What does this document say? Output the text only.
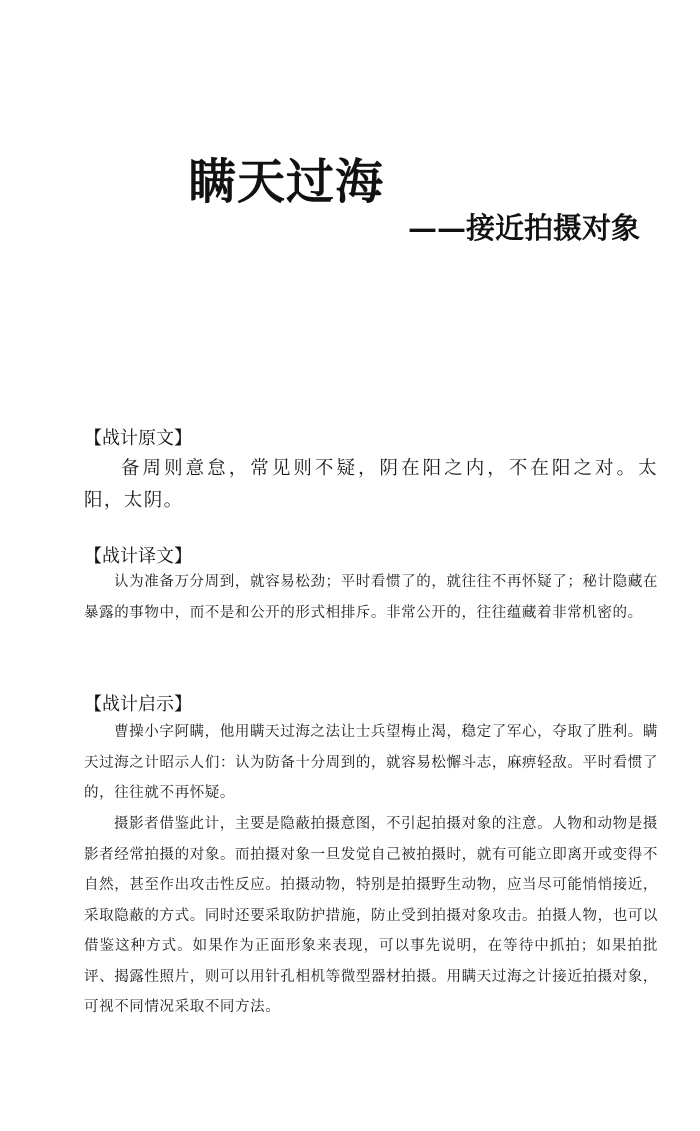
瞒天过海
——接近拍摄对象
【战计原文】
备周则意怠，常见则不疑，阴在阳之内，不在阳之对。太阳，太阴。
【战计译文】
认为准备万分周到，就容易松劲；平时看惯了的，就往往不再怀疑了；秘计隐藏在暴露的事物中，而不是和公开的形式相排斥。非常公开的，往往蕴藏着非常机密的。
【战计启示】
曹操小字阿瞒，他用瞒天过海之法让士兵望梅止渴，稳定了军心，夺取了胜利。瞒天过海之计昭示人们：认为防备十分周到的，就容易松懈斗志，麻痹轻敌。平时看惯了的，往往就不再怀疑。
摄影者借鉴此计，主要是隐蔽拍摄意图，不引起拍摄对象的注意。人物和动物是摄影者经常拍摄的对象。而拍摄对象一旦发觉自己被拍摄时，就有可能立即离开或变得不自然，甚至作出攻击性反应。拍摄动物，特别是拍摄野生动物，应当尽可能悄悄接近，采取隐蔽的方式。同时还要采取防护措施，防止受到拍摄对象攻击。拍摄人物，也可以借鉴这种方式。如果作为正面形象来表现，可以事先说明，在等待中抓拍；如果拍批评、揭露性照片，则可以用针孔相机等微型器材拍摄。用瞒天过海之计接近拍摄对象，可视不同情况采取不同方法。
